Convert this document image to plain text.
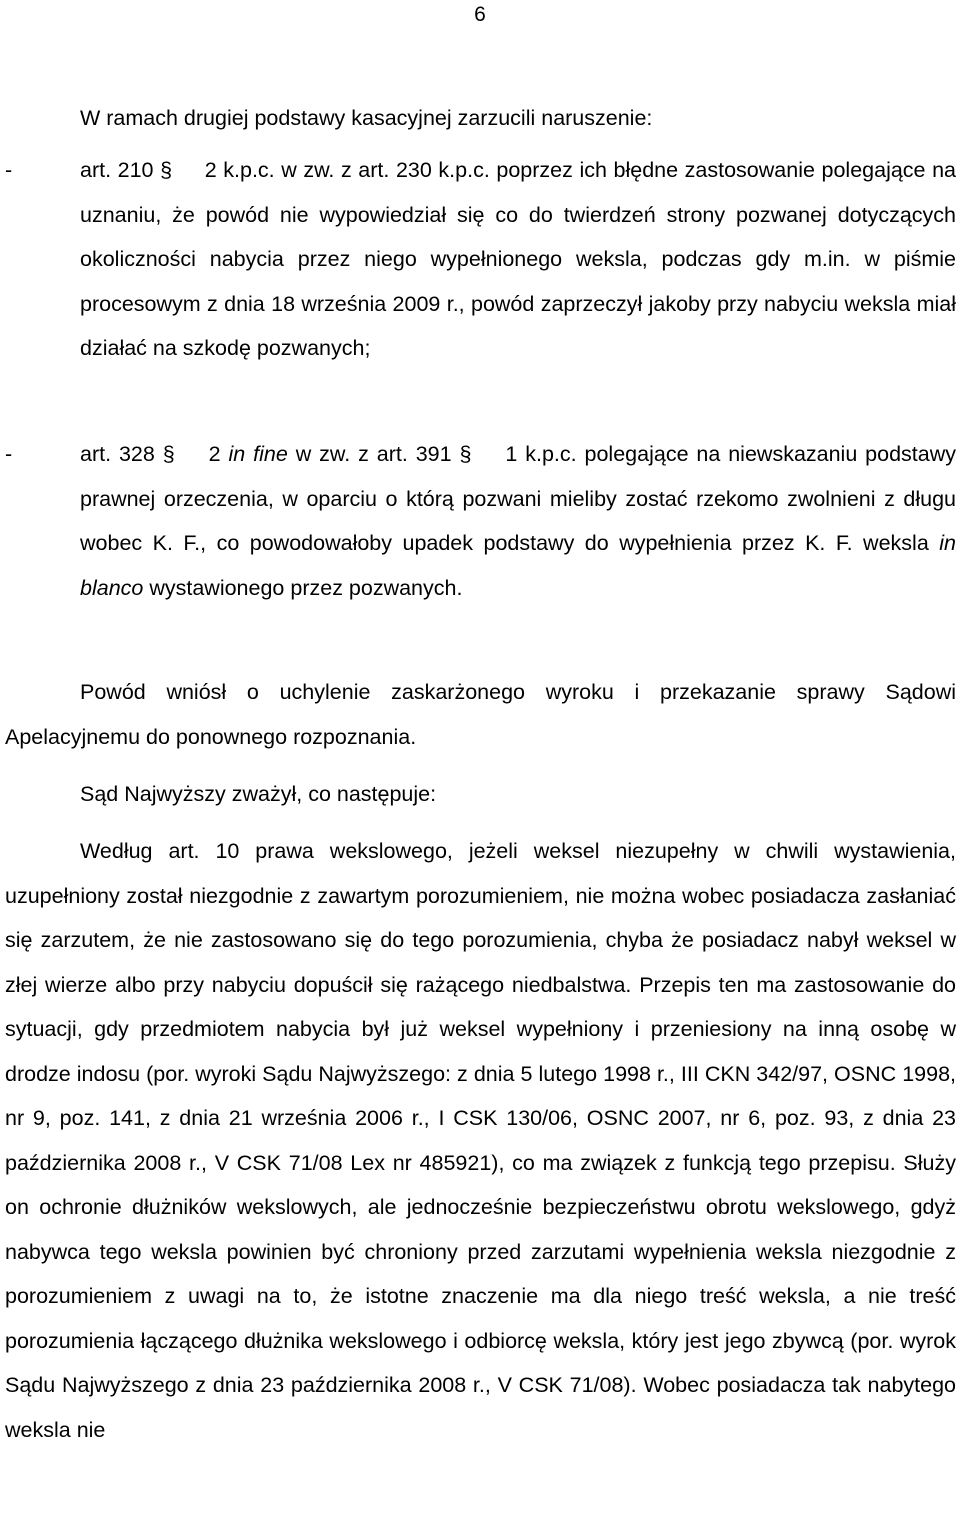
6

W ramach drugiej podstawy kasacyjnej zarzucili naruszenie:

-	art. 210 § 2 k.p.c. w zw. z art. 230 k.p.c. poprzez ich błędne zastosowanie polegające na uznaniu, że powód nie wypowiedział się co do twierdzeń strony pozwanej dotyczących okoliczności nabycia przez niego wypełnionego weksla, podczas gdy m.in. w piśmie procesowym z dnia 18 września 2009 r., powód zaprzeczył jakoby przy nabyciu weksla miał działać na szkodę pozwanych;

-	art. 328 § 2 in fine w zw. z art. 391 § 1 k.p.c. polegające na niewskazaniu podstawy prawnej orzeczenia, w oparciu o którą pozwani mieliby zostać rzekomo zwolnieni z długu wobec K. F., co powodowałoby upadek podstawy do wypełnienia przez K. F. weksla in blanco wystawionego przez pozwanych.

Powód wniósł o uchylenie zaskarżonego wyroku i przekazanie sprawy Sądowi Apelacyjnemu do ponownego rozpoznania.

Sąd Najwyższy zważył, co następuje:

Według art. 10 prawa wekslowego, jeżeli weksel niezupełny w chwili wystawienia, uzupełniony został niezgodnie z zawartym porozumieniem, nie można wobec posiadacza zasłaniać się zarzutem, że nie zastosowano się do tego porozumienia, chyba że posiadacz nabył weksel w złej wierze albo przy nabyciu dopuścił się rażącego niedbalstwa. Przepis ten ma zastosowanie do sytuacji, gdy przedmiotem nabycia był już weksel wypełniony i przeniesiony na inną osobę w drodze indosu (por. wyroki Sądu Najwyższego: z dnia 5 lutego 1998 r., III CKN 342/97, OSNC 1998, nr 9, poz. 141, z dnia 21 września 2006 r., I CSK 130/06, OSNC 2007, nr 6, poz. 93, z dnia 23 października 2008 r., V CSK 71/08 Lex nr 485921), co ma związek z funkcją tego przepisu. Służy on ochronie dłużników wekslowych, ale jednocześnie bezpieczeństwu obrotu wekslowego, gdyż nabywca tego weksla powinien być chroniony przed zarzutami wypełnienia weksla niezgodnie z porozumieniem z uwagi na to, że istotne znaczenie ma dla niego treść weksla, a nie treść porozumienia łączącego dłużnika wekslowego i odbiorcę weksla, który jest jego zbywcą (por. wyrok Sądu Najwyższego z dnia 23 października 2008 r., V CSK 71/08). Wobec posiadacza tak nabytego weksla nie
